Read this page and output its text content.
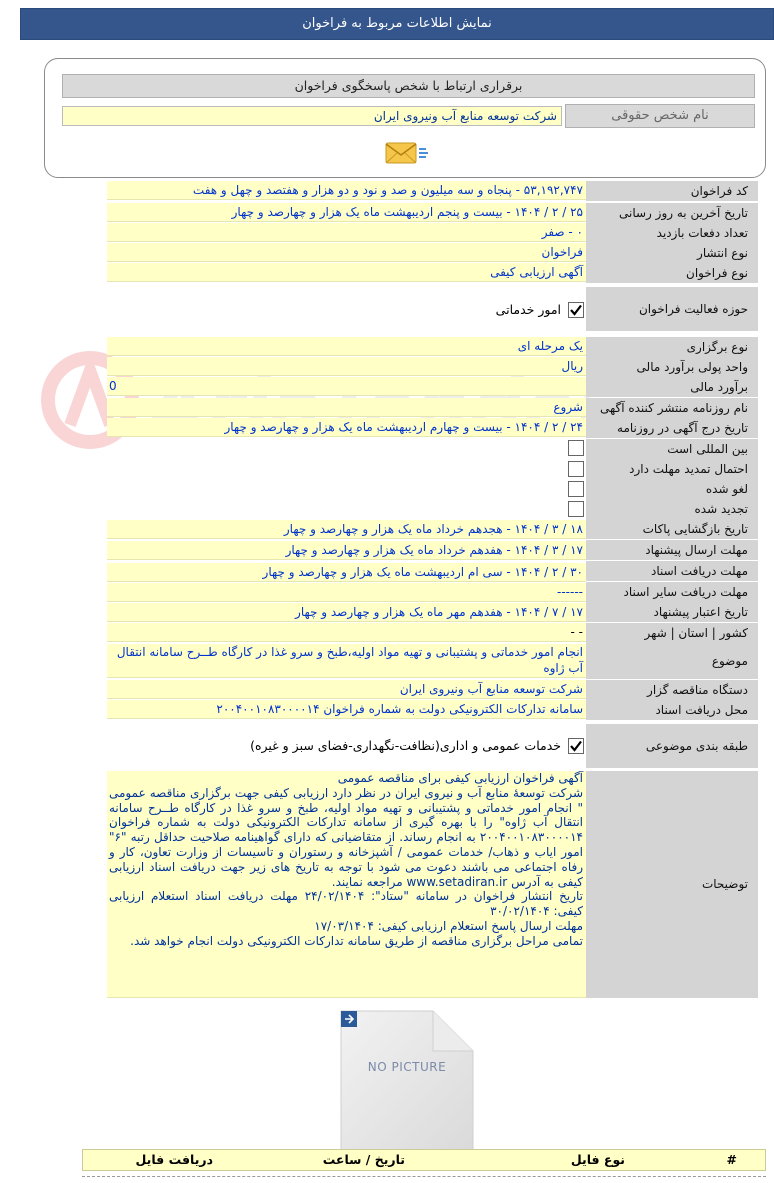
نمایش اطلاعات مربوط به فراخوان
برقراری ارتباط با شخص پاسخگوی فراخوان
نام شخص حقوقی
شرکت توسعه منابع آب ونیروی ایران
کد فراخوان
۵۳,۱۹۲,۷۴۷ - پنجاه و سه میلیون و صد و نود و دو هزار و هفتصد و چهل و هفت
تاریخ آخرین به روز رسانی
۲۵ / ۲ / ۱۴۰۴ - بیست و پنجم اردیبهشت ماه یک هزار و چهارصد و چهار
تعداد دفعات بازدید
۰ - صفر
نوع انتشار
فراخوان
نوع فراخوان
آگهی ارزیابی کیفی
حوزه فعالیت فراخوان
امور خدماتی
نوع برگزاری
یک مرحله ای
واحد پولی برآورد مالی
ریال
برآورد مالی
0
نام روزنامه منتشر کننده آگهی
شروع
تاریخ درج آگهی در روزنامه
۲۴ / ۲ / ۱۴۰۴ - بیست و چهارم اردیبهشت ماه یک هزار و چهارصد و چهار
بین المللی است
احتمال تمدید مهلت دارد
لغو شده
تجدید شده
تاریخ بازگشایی پاکات
۱۸ / ۳ / ۱۴۰۴ - هجدهم خرداد ماه یک هزار و چهارصد و چهار
مهلت ارسال پیشنهاد
۱۷ / ۳ / ۱۴۰۴ - هفدهم خرداد ماه یک هزار و چهارصد و چهار
مهلت دریافت اسناد
۳۰ / ۲ / ۱۴۰۴ - سی ام اردیبهشت ماه یک هزار و چهارصد و چهار
مهلت دریافت سایر اسناد
------
تاریخ اعتبار پیشنهاد
۱۷ / ۷ / ۱۴۰۴ - هفدهم مهر ماه یک هزار و چهارصد و چهار
کشور | استان | شهر
- -
موضوع
انجام امور خدماتی و پشتیبانی و تهیه مواد اولیه،طبخ و سرو غذا در کارگاه طــرح سامانه انتقال آب ژاوه
دستگاه مناقصه گزار
شرکت توسعه منابع آب ونیروی ایران
محل دریافت اسناد
سامانه تدارکات الکترونیکی دولت به شماره فراخوان ۲۰۰۴۰۰۱۰۸۳۰۰۰۰۱۴
طبقه بندی موضوعی
خدمات عمومی و اداری(نظافت-نگهداری-فضای سبز و غیره)
توضیحات
آگهی فراخوان ارزیابی کیفی برای مناقصه عمومی
شرکت توسعهٔ منابع آب و نیروی ایران در نظر دارد ارزیابی کیفی جهت برگزاری مناقصه عمومی " انجام امور خدماتی و پشتیبانی و تهیه مواد اولیه، طبخ و سرو غذا در کارگاه طــرح سامانه انتقال آب ژاوه" را با بهره گیری از سامانه تدارکات الکترونیکی دولت به شماره فراخوان ۲۰۰۴۰۰۱۰۸۳۰۰۰۰۱۴ به انجام رساند. از متقاضیانی که دارای گواهینامه صلاحیت حداقل رتبه "۶" امور ایاب و ذهاب/ خدمات عمومی / آشپزخانه و رستوران و تاسیسات از وزارت تعاون، کار و رفاه اجتماعی می باشند دعوت می شود با توجه به تاریخ های زیر جهت دریافت اسناد ارزیابی کیفی به آدرس www.setadiran.ir مراجعه نمایند.
تاریخ انتشار فراخوان در سامانه "ستاد": ۲۴/۰۲/۱۴۰۴ مهلت دریافت اسناد استعلام ارزیابی کیفی: ۳۰/۰۲/۱۴۰۴
مهلت ارسال پاسخ استعلام ارزیابی کیفی: ۱۷/۰۳/۱۴۰۴
تمامی مراحل برگزاری مناقصه از طریق سامانه تدارکات الکترونیکی دولت انجام خواهد شد.
NO PICTURE
#
نوع فایل
تاریخ / ساعت
دریافت فایل
